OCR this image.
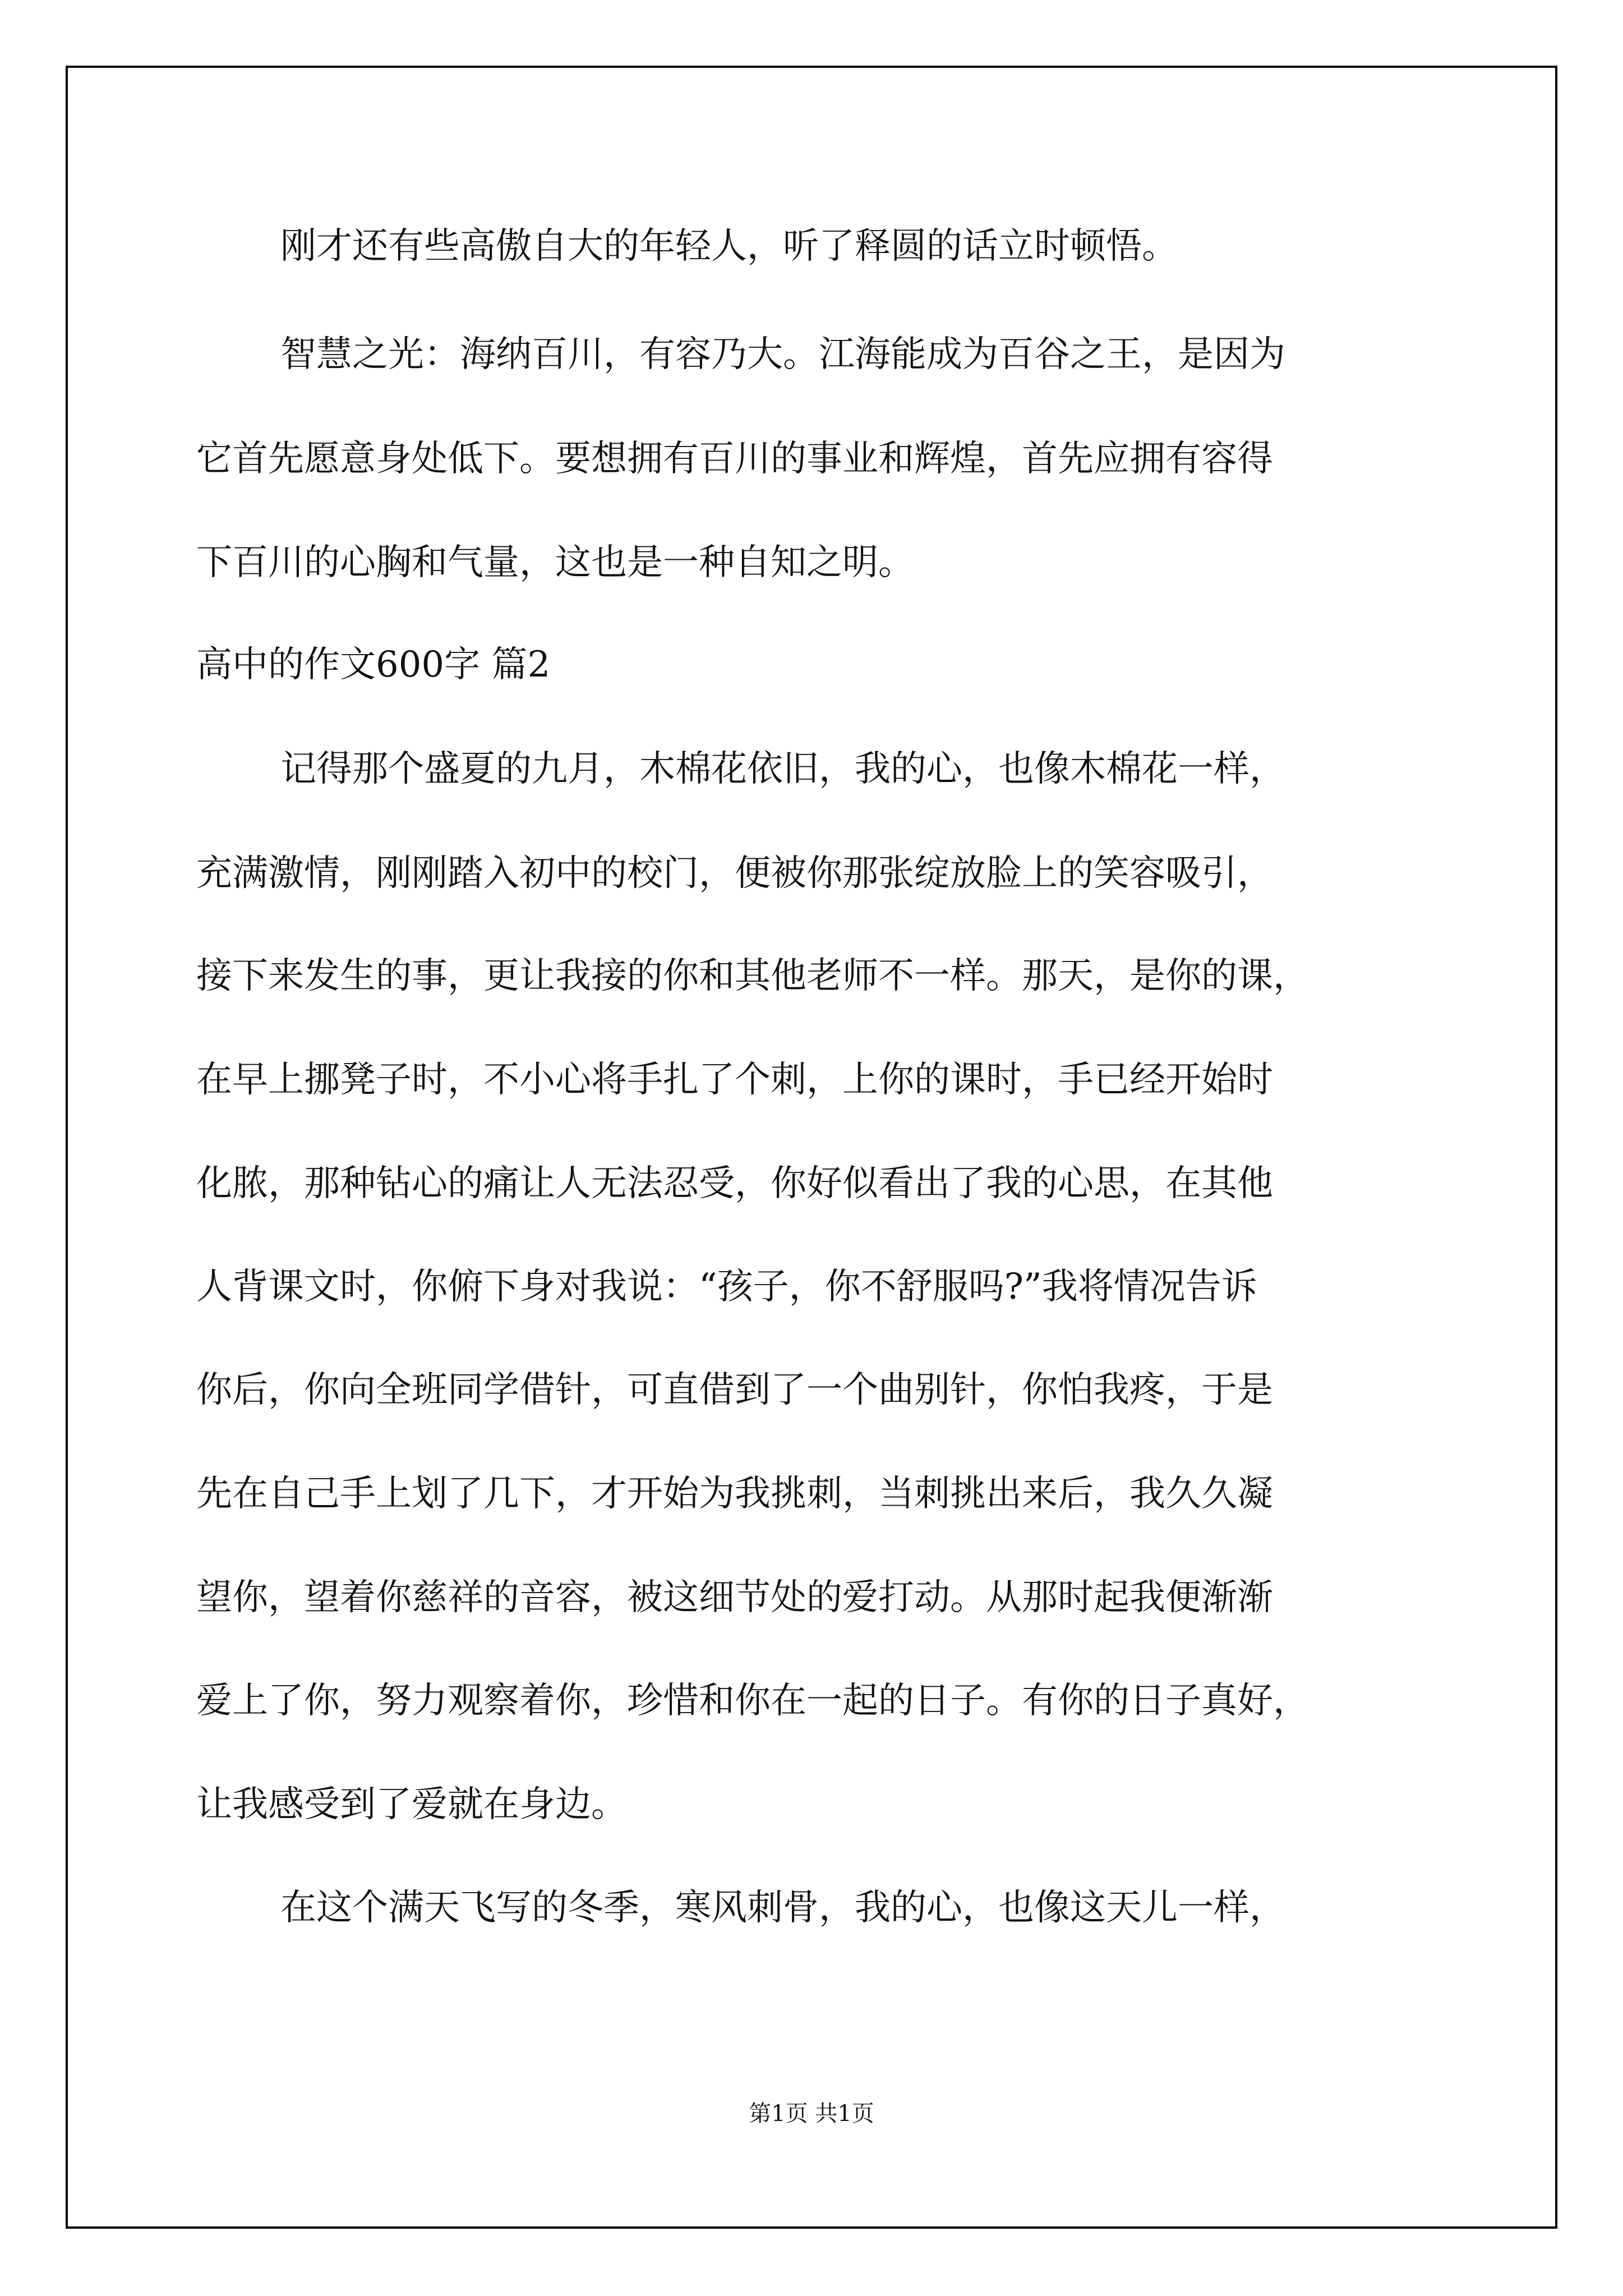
刚才还有些高傲自大的年轻人，听了释圆的话立时顿悟。
智慧之光：海纳百川，有容乃大。江海能成为百谷之王，是因为
它首先愿意身处低下。要想拥有百川的事业和辉煌，首先应拥有容得
下百川的心胸和气量，这也是一种自知之明。
高中的作文600字 篇2
记得那个盛夏的九月，木棉花依旧，我的心，也像木棉花一样，
充满激情，刚刚踏入初中的校门，便被你那张绽放脸上的笑容吸引，
接下来发生的事，更让我接的你和其他老师不一样。那天，是你的课，
在早上挪凳子时，不小心将手扎了个刺，上你的课时，手已经开始时
化脓，那种钻心的痛让人无法忍受，你好似看出了我的心思，在其他
人背课文时，你俯下身对我说：“孩子，你不舒服吗?”我将情况告诉
你后，你向全班同学借针，可直借到了一个曲别针，你怕我疼，于是
先在自己手上划了几下，才开始为我挑刺，当刺挑出来后，我久久凝
望你，望着你慈祥的音容，被这细节处的爱打动。从那时起我便渐渐
爱上了你，努力观察着你，珍惜和你在一起的日子。有你的日子真好，
让我感受到了爱就在身边。
在这个满天飞写的冬季，寒风刺骨，我的心，也像这天儿一样，
第1页 共1页
